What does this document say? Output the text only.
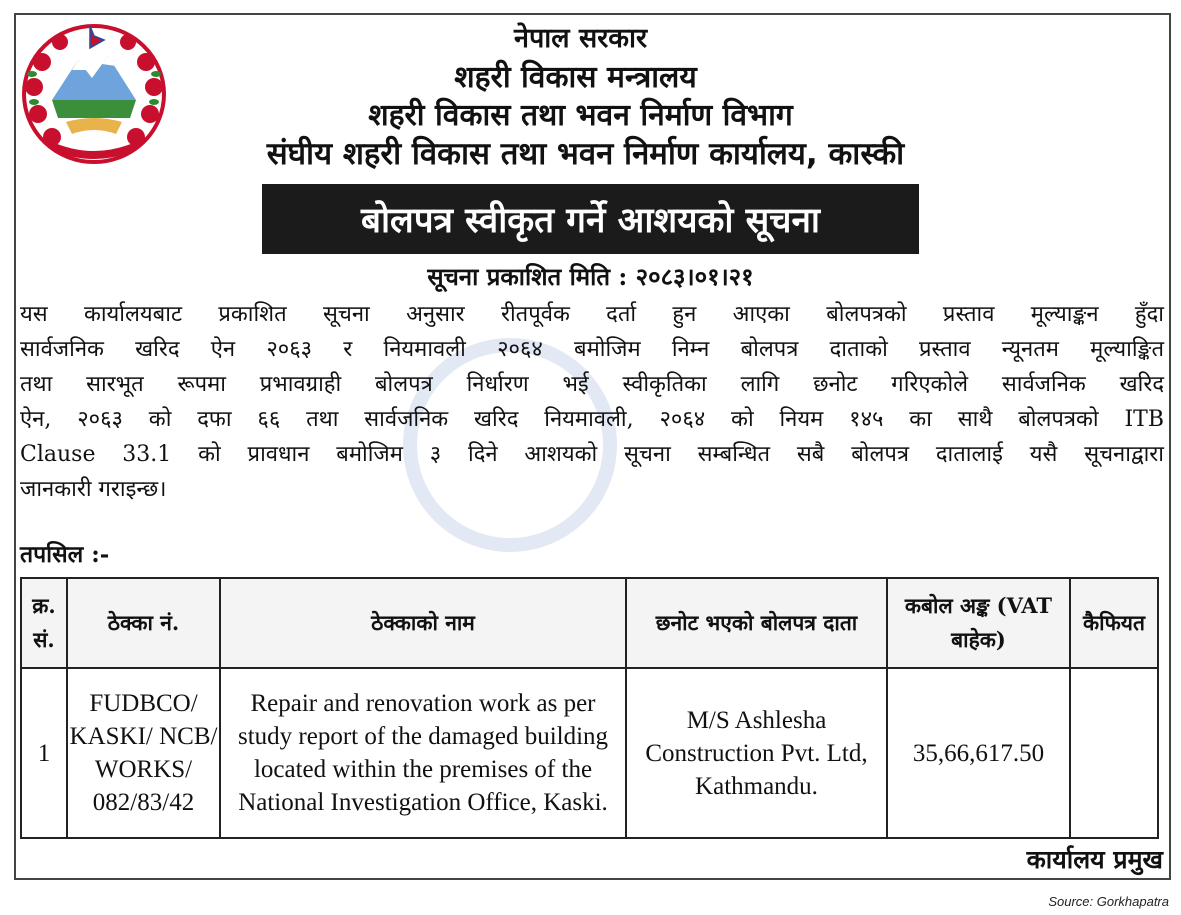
नेपाल सरकार
शहरी विकास मन्त्रालय
शहरी विकास तथा भवन निर्माण विभाग
संघीय शहरी विकास तथा भवन निर्माण कार्यालय, कास्की
बोलपत्र स्वीकृत गर्ने आशयको सूचना
सूचना प्रकाशित मिति : २०८३।०१।२१
यस कार्यालयबाट प्रकाशित सूचना अनुसार रीतपूर्वक दर्ता हुन आएका बोलपत्रको प्रस्ताव मूल्याङ्कन हुँदा
सार्वजनिक खरिद ऐन २०६३ र नियमावली २०६४ बमोजिम निम्न बोलपत्र दाताको प्रस्ताव न्यूनतम मूल्याङ्कित
तथा सारभूत रूपमा प्रभावग्राही बोलपत्र निर्धारण भई स्वीकृतिका लागि छनोट गरिएकोले सार्वजनिक खरिद
ऐन, २०६३ को दफा ६६ तथा सार्वजनिक खरिद नियमावली, २०६४ को नियम १४५ का साथै बोलपत्रको ITB
Clause 33.1 को प्रावधान बमोजिम ३ दिने आशयको सूचना सम्बन्धित सबै बोलपत्र दातालाई यसै सूचनाद्वारा
जानकारी गराइन्छ।
तपसिल :-
क्र. सं.	ठेक्का नं.	ठेक्काको नाम	छनोट भएको बोलपत्र दाता	कबोल अङ्क (VAT बाहेक)	कैफियत
1	FUDBCO/ KASKI/ NCB/ WORKS/ 082/83/42	Repair and renovation work as per study report of the damaged building located within the premises of the National Investigation Office, Kaski.	M/S Ashlesha Construction Pvt. Ltd, Kathmandu.	35,66,617.50	
कार्यालय प्रमुख
Source: Gorkhapatra
